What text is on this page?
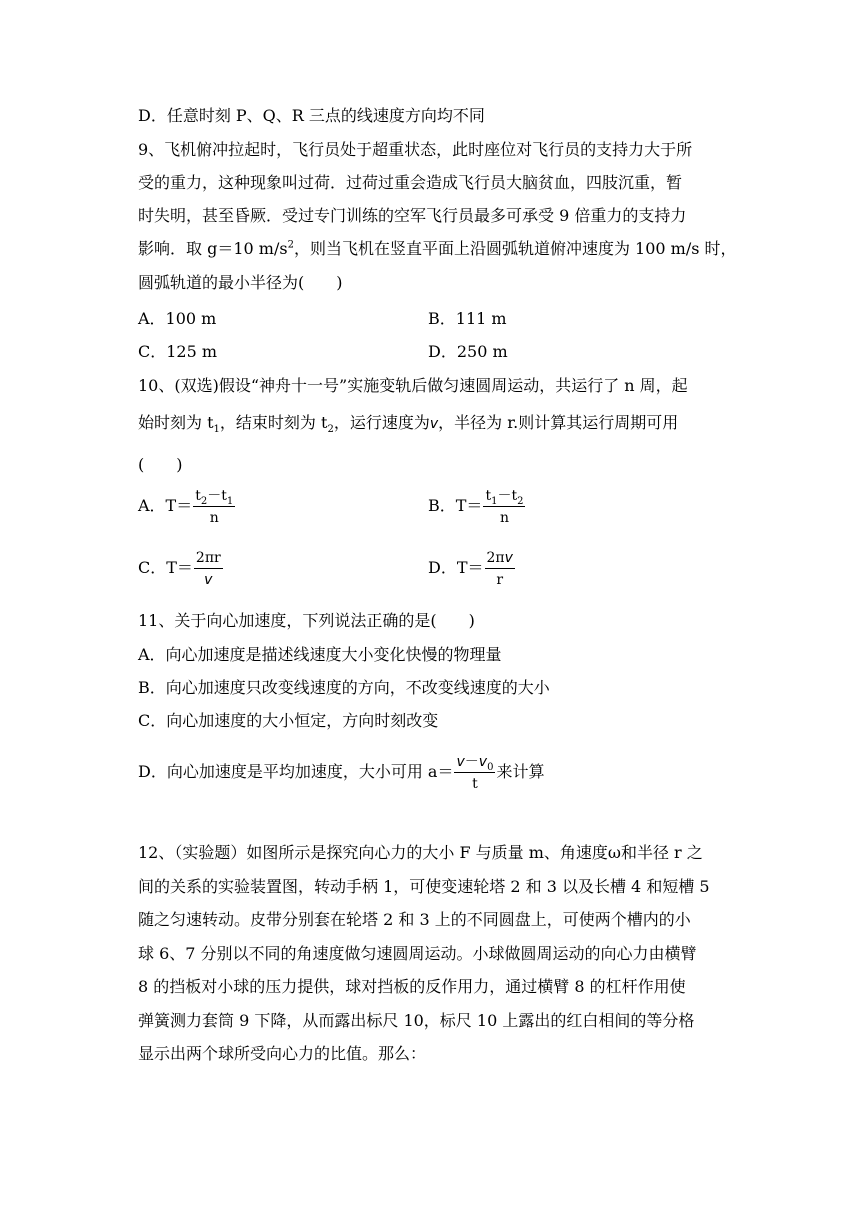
D．任意时刻 P、Q、R 三点的线速度方向均不同
9、飞机俯冲拉起时，飞行员处于超重状态，此时座位对飞行员的支持力大于所
受的重力，这种现象叫过荷．过荷过重会造成飞行员大脑贫血，四肢沉重，暂
时失明，甚至昏厥．受过专门训练的空军飞行员最多可承受 9 倍重力的支持力
影响．取 g＝10 $m/s^2$，则当飞机在竖直平面上沿圆弧轨道俯冲速度为 100 m/s 时，
圆弧轨道的最小半径为(　　)
A．100 m	B．111 m
C．125 m	D．250 m
10、(双选)假设“神舟十一号”实施变轨后做匀速圆周运动，共运行了 n 周，起
始时刻为 $t_1$，结束时刻为 $t_2$，运行速度为v，半径为 r.则计算其运行周期可用
(　　)
A．$T= \frac{t_2-t_1}{n}$	B．$T= \frac{t_1-t_2}{n}$
C．$T= \frac{2\pi r}{v}$	D．$T= \frac{2\pi v}{r}$
11、关于向心加速度，下列说法正确的是(　　)
A．向心加速度是描述线速度大小变化快慢的物理量
B．向心加速度只改变线速度的方向，不改变线速度的大小
C．向心加速度的大小恒定，方向时刻改变
D．向心加速度是平均加速度，大小可用 $a= \frac{v-v_0}{t}$ 来计算
12、（实验题）如图所示是探究向心力的大小 F 与质量 m、角速度ω和半径 r 之
间的关系的实验装置图，转动手柄 1，可使变速轮塔 2 和 3 以及长槽 4 和短槽 5
随之匀速转动。皮带分别套在轮塔 2 和 3 上的不同圆盘上，可使两个槽内的小
球 6、7 分别以不同的角速度做匀速圆周运动。小球做圆周运动的向心力由横臂
8 的挡板对小球的压力提供，球对挡板的反作用力，通过横臂 8 的杠杆作用使
弹簧测力套筒 9 下降，从而露出标尺 10，标尺 10 上露出的红白相间的等分格
显示出两个球所受向心力的比值。那么：
